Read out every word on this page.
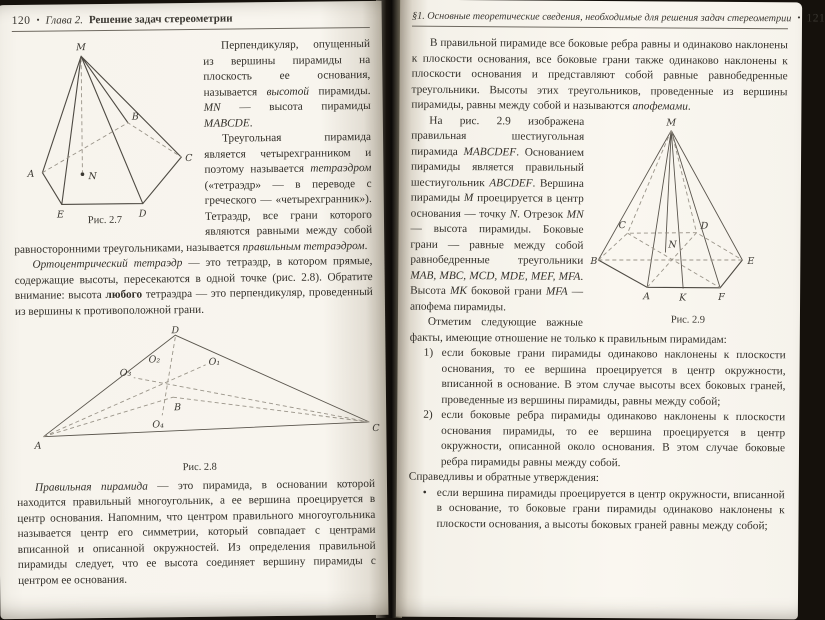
120 • Глава 2. Решение задач стереометрии
M
A
B
C
D
E
N
Рис. 2.7

Перпендикуляр, опущенный из вершины пирамиды на плоскость ее основания, называется высотой пирамиды. MN — высота пирамиды MABCDE.

Треугольная пирамида является четырехгранником и поэтому называется тетраэдром («тетраэдр» — в переводе с греческого — «четырехгранник»). Тетраэдр, все грани которого являются равными между собой равносторонними треугольниками, называется правильным тетраэдром.

Ортоцентрический тетраэдр — это тетраэдр, в котором прямые, содержащие высоты, пересекаются в одной точке (рис. 2.8). Обратите внимание: высота любого тетраэдра — это перпендикуляр, проведенный из вершины к противоположной грани.

D
A
C
B
O₁
O₂
O₃
O₄
Рис. 2.8

Правильная пирамида — это пирамида, в основании которой находится правильный многоугольник, а ее вершина проецируется в центр основания. Напомним, что центром правильного многоугольника называется центр его симметрии, который совпадает с центрами вписанной и описанной окружностей. Из определения правильной пирамиды следует, что ее высота соединяет вершину пирамиды с центром ее основания.

§1. Основные теоретические сведения, необходимые для решения задач стереометрии • 121

В правильной пирамиде все боковые ребра равны и одинаково наклонены к плоскости основания, все боковые грани также одинаково наклонены к плоскости основания и представляют собой равные равнобедренные треугольники. Высоты этих треугольников, проведенные из вершины пирамиды, равны между собой и называются апофемами.

M
B
C	D
E
A	K	F
N
Рис. 2.9

На рис. 2.9 изображена правильная шестиугольная пирамида MABCDEF. Основанием пирамиды является правильный шестиугольник ABCDEF. Вершина пирамиды M проецируется в центр основания — точку N. Отрезок MN — высота пирамиды. Боковые грани — равные между собой равнобедренные треугольники MAB, MBC, MCD, MDE, MEF, MFA. Высота MK боковой грани MFA — апофема пирамиды.

Отметим следующие важные факты, имеющие отношение не только к правильным пирамидам:

1) если боковые грани пирамиды одинаково наклонены к плоскости основания, то ее вершина проецируется в центр окружности, вписанной в основание. В этом случае высоты всех боковых граней, проведенные из вершины пирамиды, равны между собой;
2) если боковые ребра пирамиды одинаково наклонены к плоскости основания пирамиды, то ее вершина проецируется в центр окружности, описанной около основания. В этом случае боковые ребра пирамиды равны между собой.

Справедливы и обратные утверждения:

• если вершина пирамиды проецируется в центр окружности, вписанной в основание, то боковые грани пирамиды одинаково наклонены к плоскости основания, а высоты боковых граней равны между собой;
